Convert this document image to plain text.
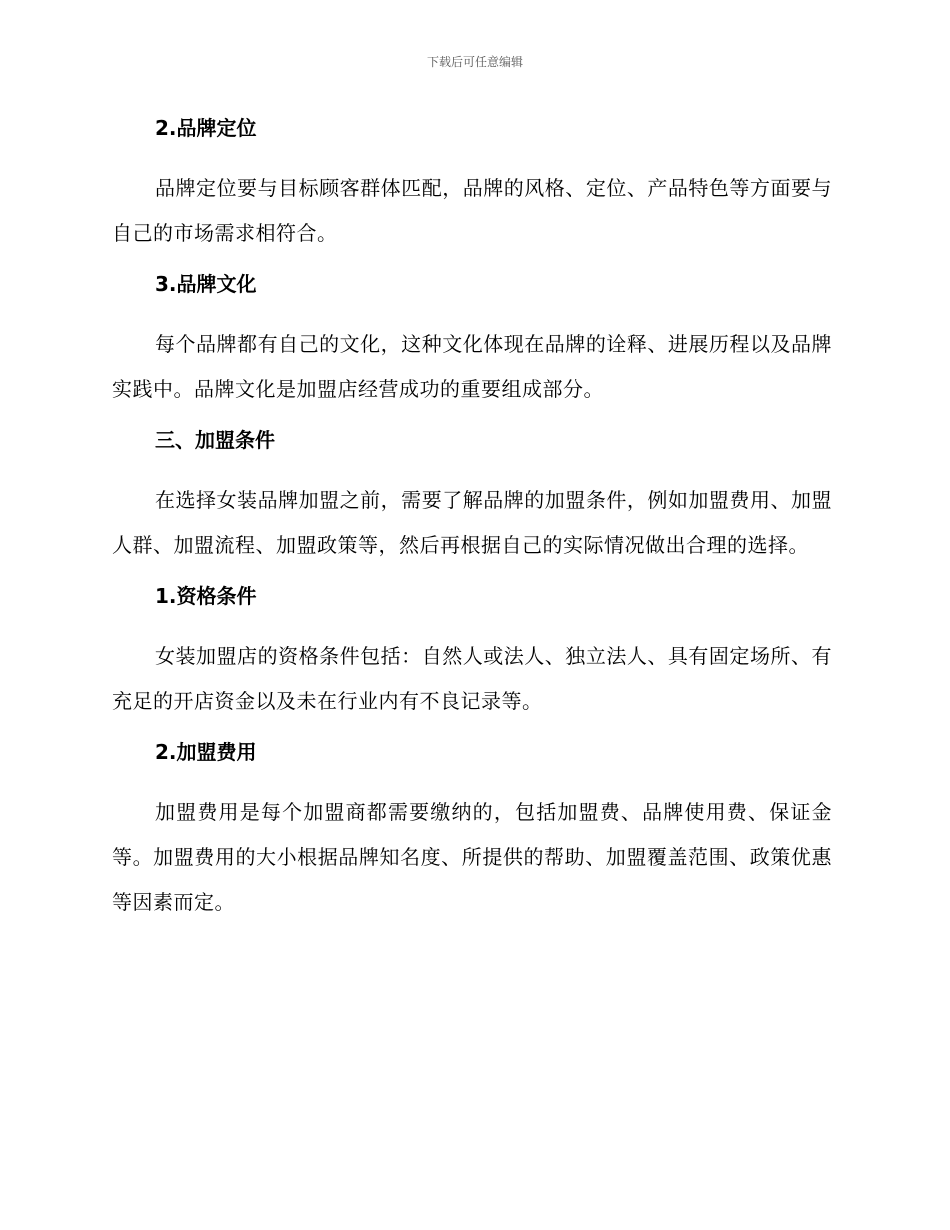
下载后可任意编辑
2.品牌定位
品牌定位要与目标顾客群体匹配，品牌的风格、定位、产品特色等方面要与自己的市场需求相符合。
3.品牌文化
每个品牌都有自己的文化，这种文化体现在品牌的诠释、进展历程以及品牌实践中。品牌文化是加盟店经营成功的重要组成部分。
三、加盟条件
在选择女装品牌加盟之前，需要了解品牌的加盟条件，例如加盟费用、加盟人群、加盟流程、加盟政策等，然后再根据自己的实际情况做出合理的选择。
1.资格条件
女装加盟店的资格条件包括：自然人或法人、独立法人、具有固定场所、有充足的开店资金以及未在行业内有不良记录等。
2.加盟费用
加盟费用是每个加盟商都需要缴纳的，包括加盟费、品牌使用费、保证金等。加盟费用的大小根据品牌知名度、所提供的帮助、加盟覆盖范围、政策优惠等因素而定。
